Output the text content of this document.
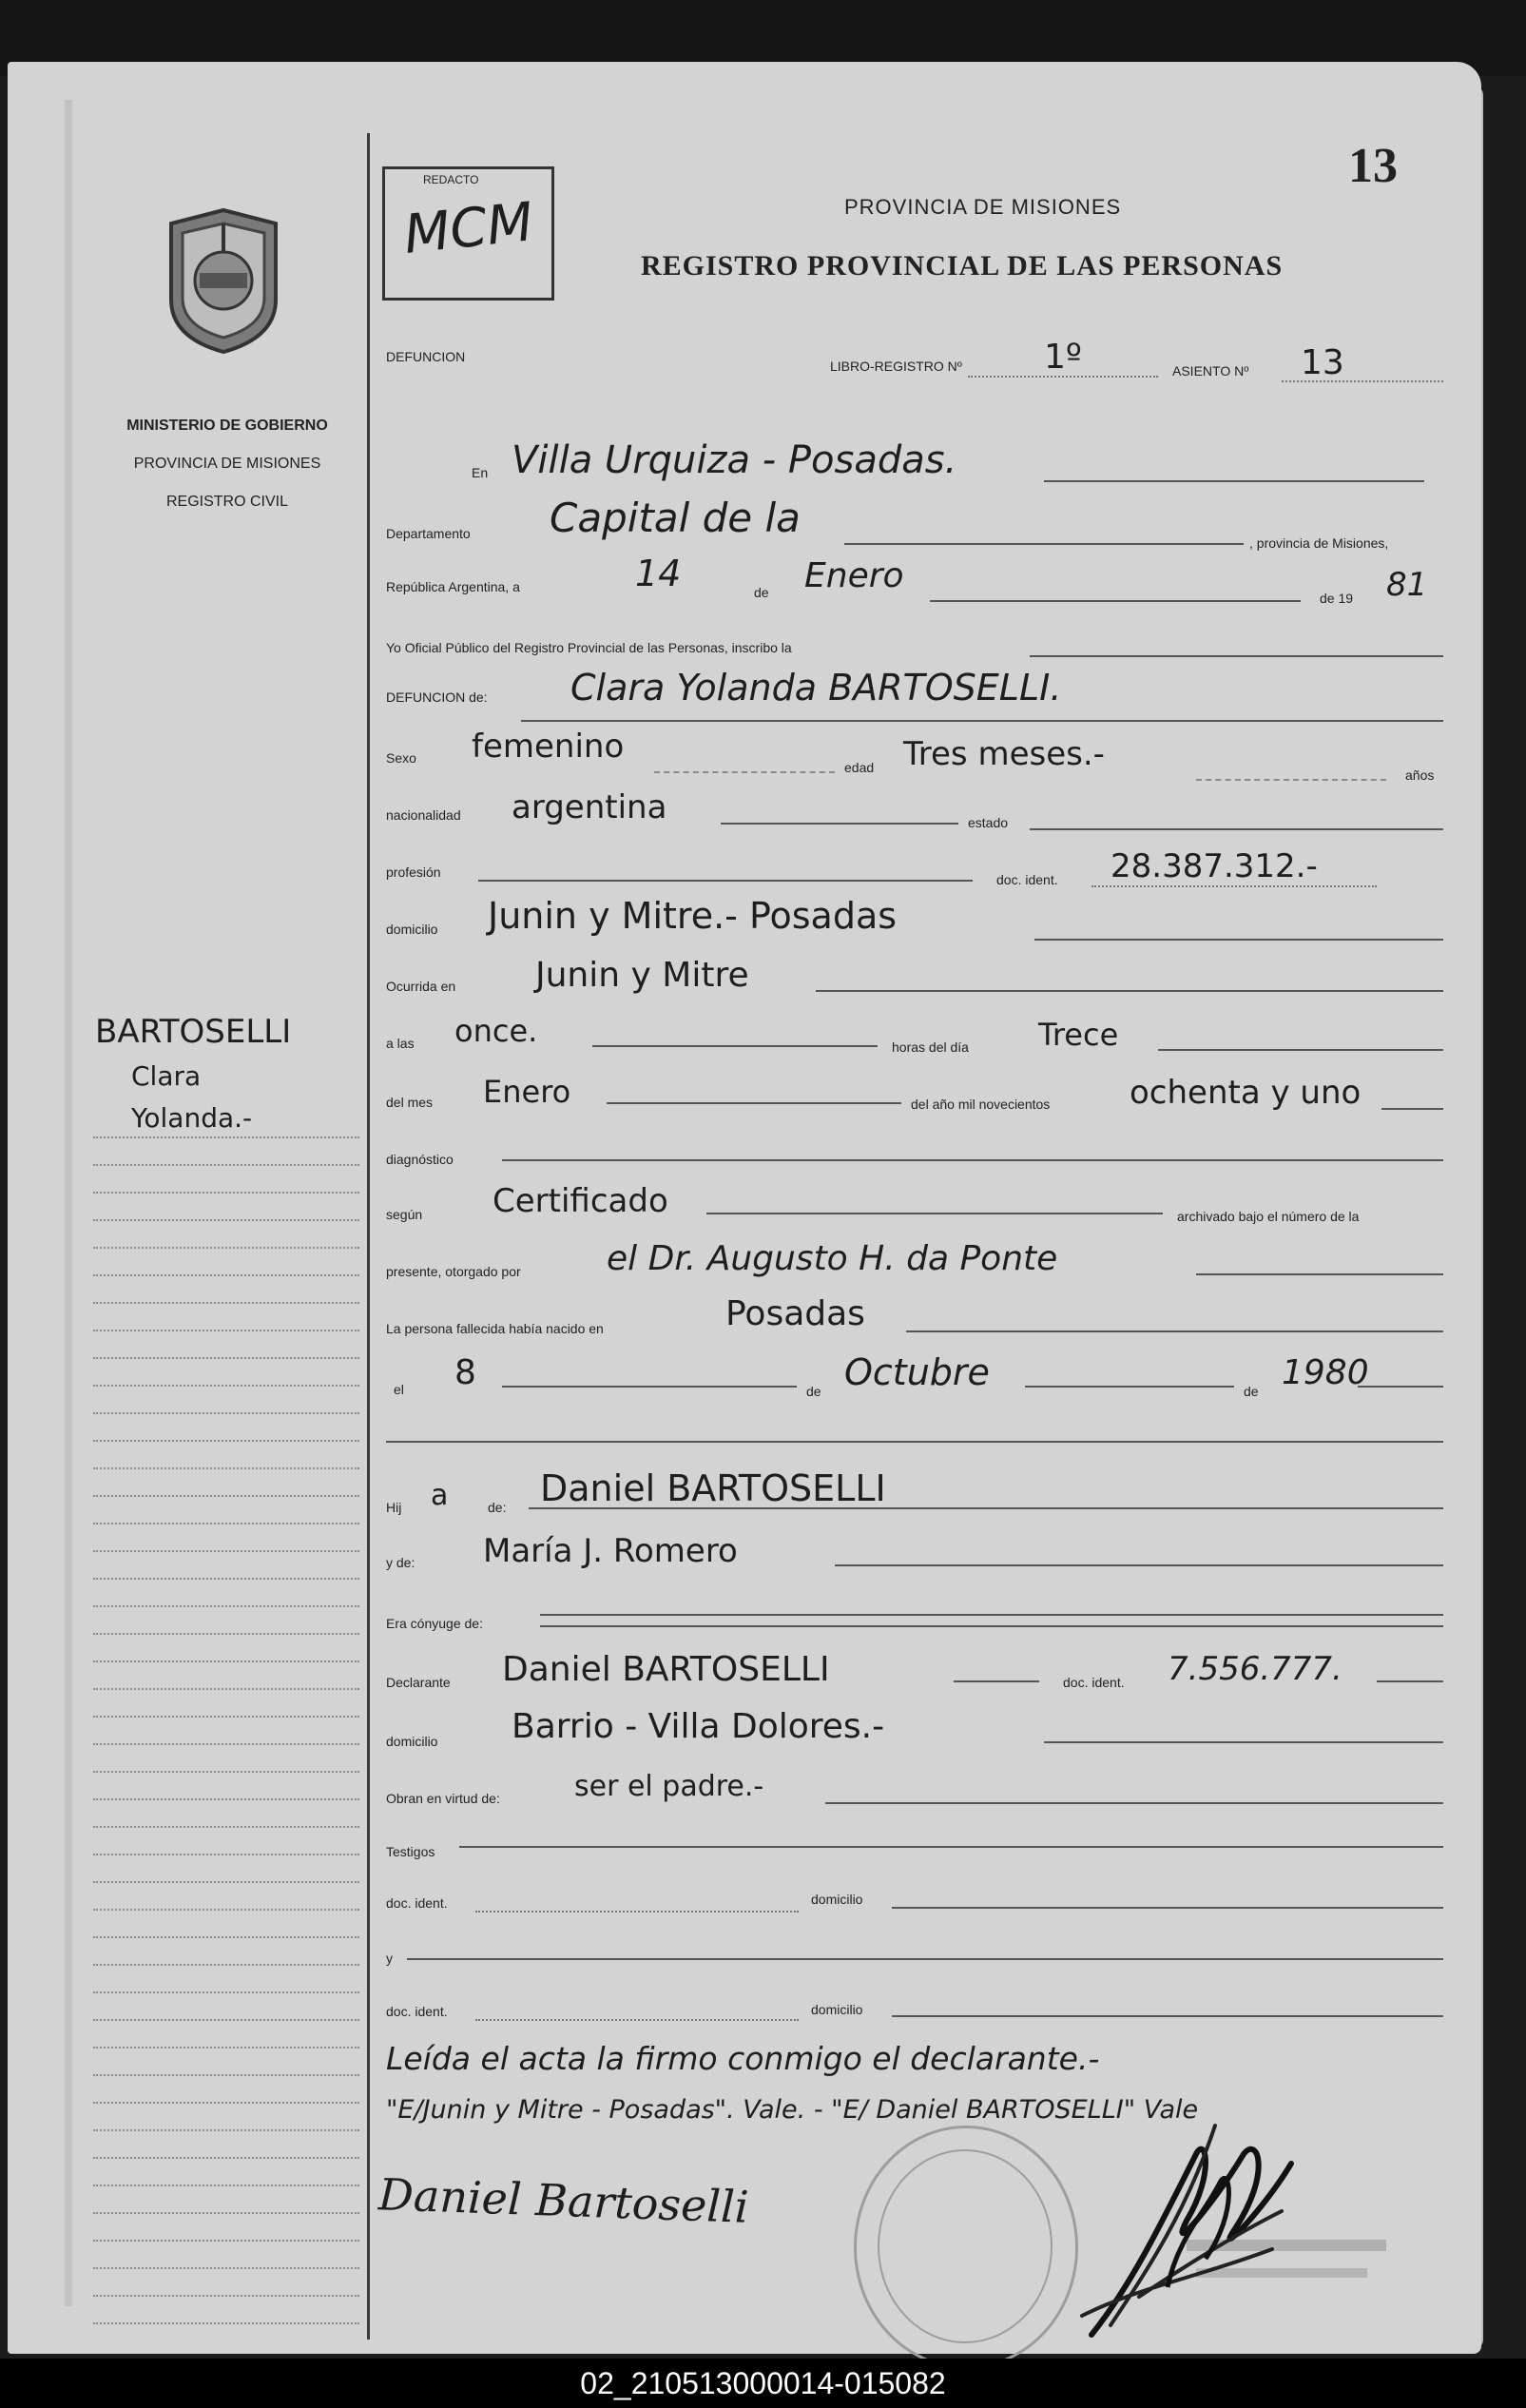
13
REDACTO
MCM	PROVINCIA DE MISIONES
REGISTRO PROVINCIAL DE LAS PERSONAS
MINISTERIO DE GOBIERNO
PROVINCIA DE MISIONES
REGISTRO CIVIL
BARTOSELLI
Clara
Yolanda.-
DEFUNCION
LIBRO-REGISTRO Nº 1º	ASIENTO Nº 13
En Villa Urquiza - Posadas.
Departamento Capital de la
, provincia de Misiones,
República Argentina, a	14	de Enero
de 19 81
Yo Oficial Público del Registro Provincial de las Personas, inscribo la
DEFUNCION de: Clara Yolanda BARTOSELLI.
Sexo femenino
edad Tres meses.-
años
nacionalidad argentina	estado
profesión	doc. ident. 28.387.312.-
domicilio Junin y Mitre.- Posadas
Ocurrida en Junin y Mitre
a las once.	horas del día Trece
del mes Enero	del año mil novecientos ochenta y uno
diagnóstico
según Certificado	archivado bajo el número de la
presente, otorgado por	el Dr. Augusto H. da Ponte
La persona fallecida había nacido en	Posadas
el 8	de Octubre	de 1980
Hij a	de: Daniel BARTOSELLI
y de: María J. Romero
Era cónyuge de:
Declarante Daniel BARTOSELLI	doc. ident. 7.556.777.
domicilio Barrio - Villa Dolores.-
Obran en virtud de:	ser el padre.-
Testigos
doc. ident.	domicilio
y
doc. ident.	domicilio
Leída el acta la firmo conmigo el declarante.-
"E/Junin y Mitre - Posadas". Vale. - "E/ Daniel BARTOSELLI" Vale
Daniel Bartoselli
02_210513000014-015082
